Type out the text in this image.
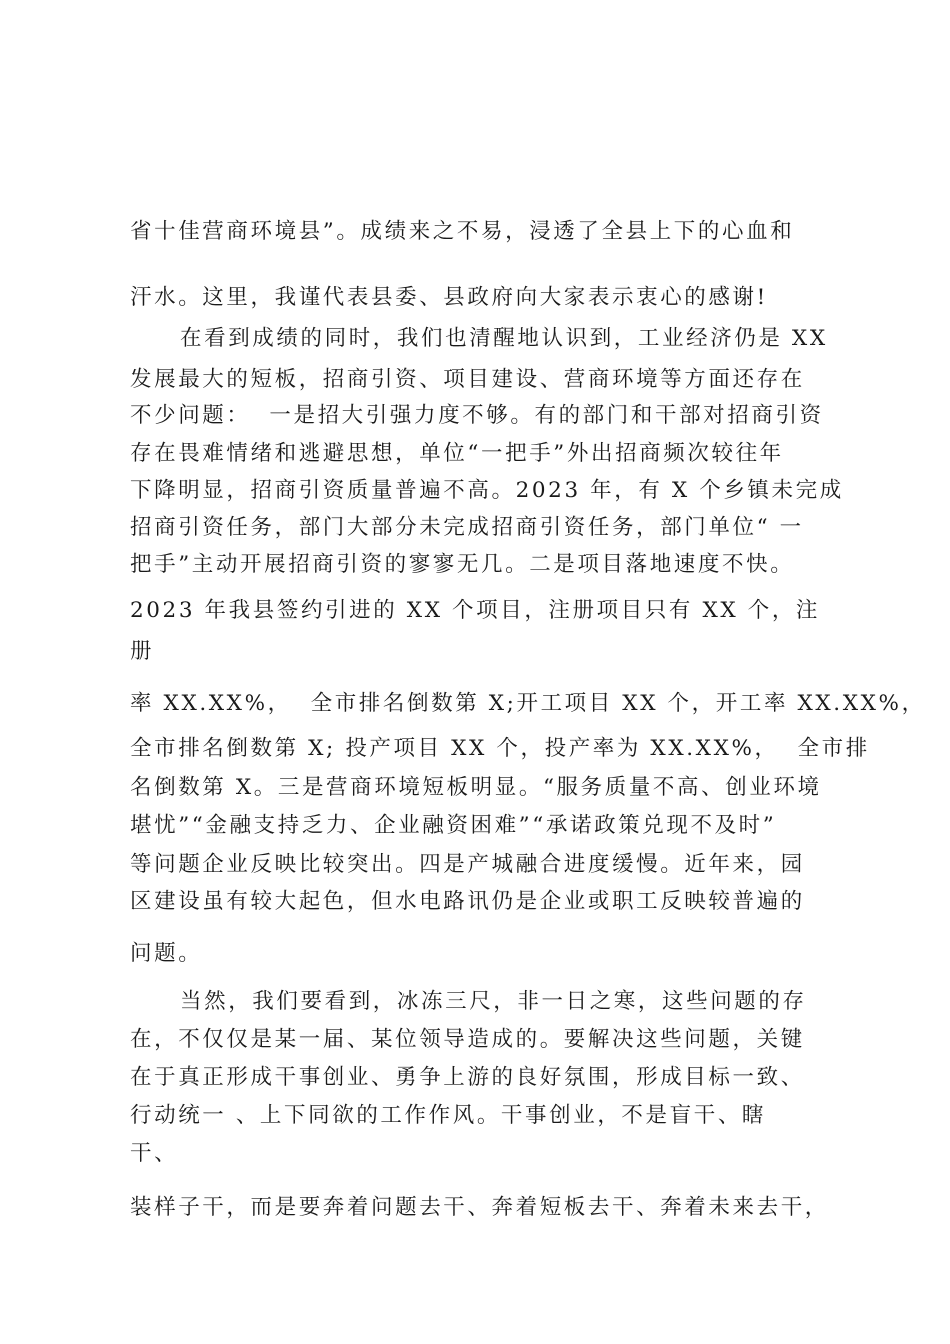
省十佳营商环境县”。成绩来之不易，浸透了全县上下的心血和

汗水。这里，我谨代表县委、县政府向大家表示衷心的感谢!

在看到成绩的同时，我们也清醒地认识到，工业经济仍是 XX

发展最大的短板，招商引资、项目建设、营商环境等方面还存在

不少问题：  一是招大引强力度不够。有的部门和干部对招商引资

存在畏难情绪和逃避思想，单位“一把手”外出招商频次较往年

下降明显，招商引资质量普遍不高。2023 年，有 X 个乡镇未完成

招商引资任务，部门大部分未完成招商引资任务，部门单位“ 一

把手”主动开展招商引资的寥寥无几。二是项目落地速度不快。

2023 年我县签约引进的 XX 个项目，注册项目只有 XX 个，注

册

率 XX.XX%，  全市排名倒数第 X;开工项目 XX 个，开工率 XX.XX%，

全市排名倒数第 X; 投产项目 XX 个，投产率为 XX.XX%，  全市排

名倒数第 X。三是营商环境短板明显。“服务质量不高、创业环境

堪忧”“金融支持乏力、企业融资困难”“承诺政策兑现不及时”

等问题企业反映比较突出。四是产城融合进度缓慢。近年来，园

区建设虽有较大起色，但水电路讯仍是企业或职工反映较普遍的

问题。

当然，我们要看到，冰冻三尺，非一日之寒，这些问题的存

在，不仅仅是某一届、某位领导造成的。要解决这些问题，关键

在于真正形成干事创业、勇争上游的良好氛围，形成目标一致、

行动统一 、上下同欲的工作作风。干事创业，不是盲干、瞎

干、

装样子干，而是要奔着问题去干、奔着短板去干、奔着未来去干，
